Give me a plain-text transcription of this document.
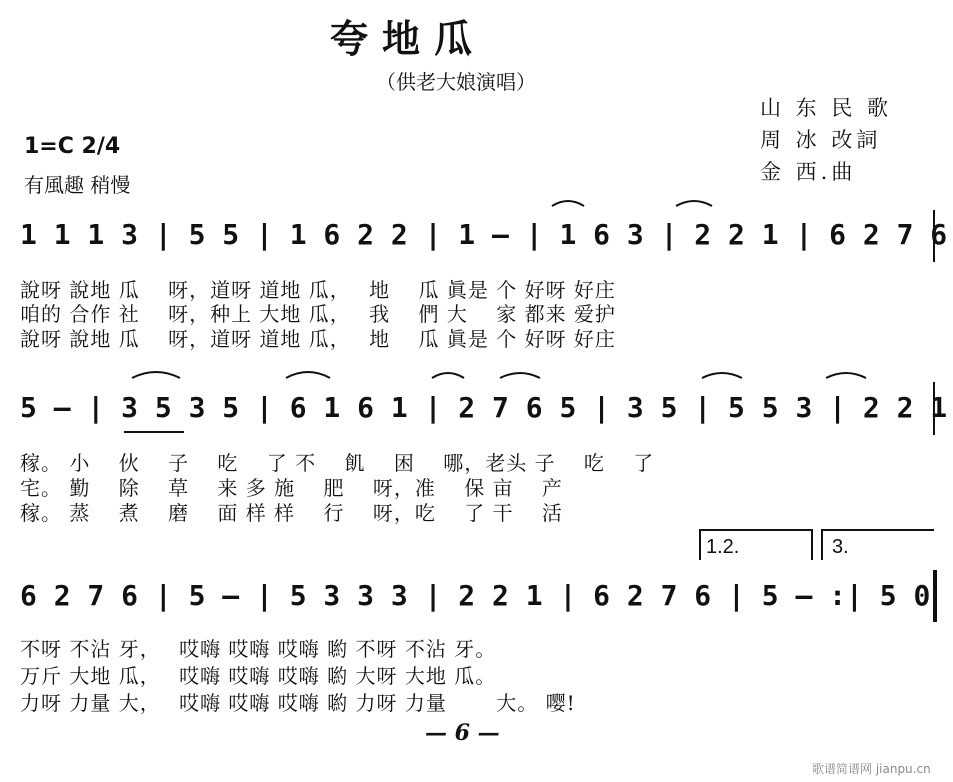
夸地瓜
（供老大娘演唱）
山 东 民 歌
周 冰 改詞
金 西.曲
1=C 2/4
有風趣 稍慢
1 1 1 3 | 5 5 | 1 6 2 2 | 1 — | 1 6 3 | 2 2 1 | 6 2 7 6
說呀 說地 瓜　 呀，道呀 道地 瓜，　 地　 瓜 眞是 个 好呀 好庄
咱的 合作 社　 呀，种上 大地 瓜，　 我　 們 大　 家 都来 爱护
說呀 說地 瓜　 呀，道呀 道地 瓜，　 地　 瓜 眞是 个 好呀 好庄
5 — | 3 5 3 5 | 6 1 6 1 | 2 7 6 5 | 3 5 | 5 5 3 | 2 2 1
稼。 小　 伙　 子　 吃　 了 不　 飢　 困　 哪，老头 子　 吃　 了
宅。 勤　 除　 草　 来 多 施　 肥　 呀，准　 保 亩　 产
稼。 蒸　 煮　 磨　 面 样 样　 行　 呀，吃　 了 干　 活
1.2.	3.
6 2 7 6 | 5 — | 5 3 3 3 | 2 2 1 | 6 2 7 6 | 5 — :| 5 0
不呀 不沾 牙，　 哎嗨 哎嗨 哎嗨 喲 不呀 不沾 牙。
万斤 大地 瓜，　 哎嗨 哎嗨 哎嗨 喲 大呀 大地 瓜。
力呀 力量 大，　 哎嗨 哎嗨 哎嗨 喲 力呀 力量　　 大。 嘤!
— 6 —
歌谱简谱网 jianpu.cn
